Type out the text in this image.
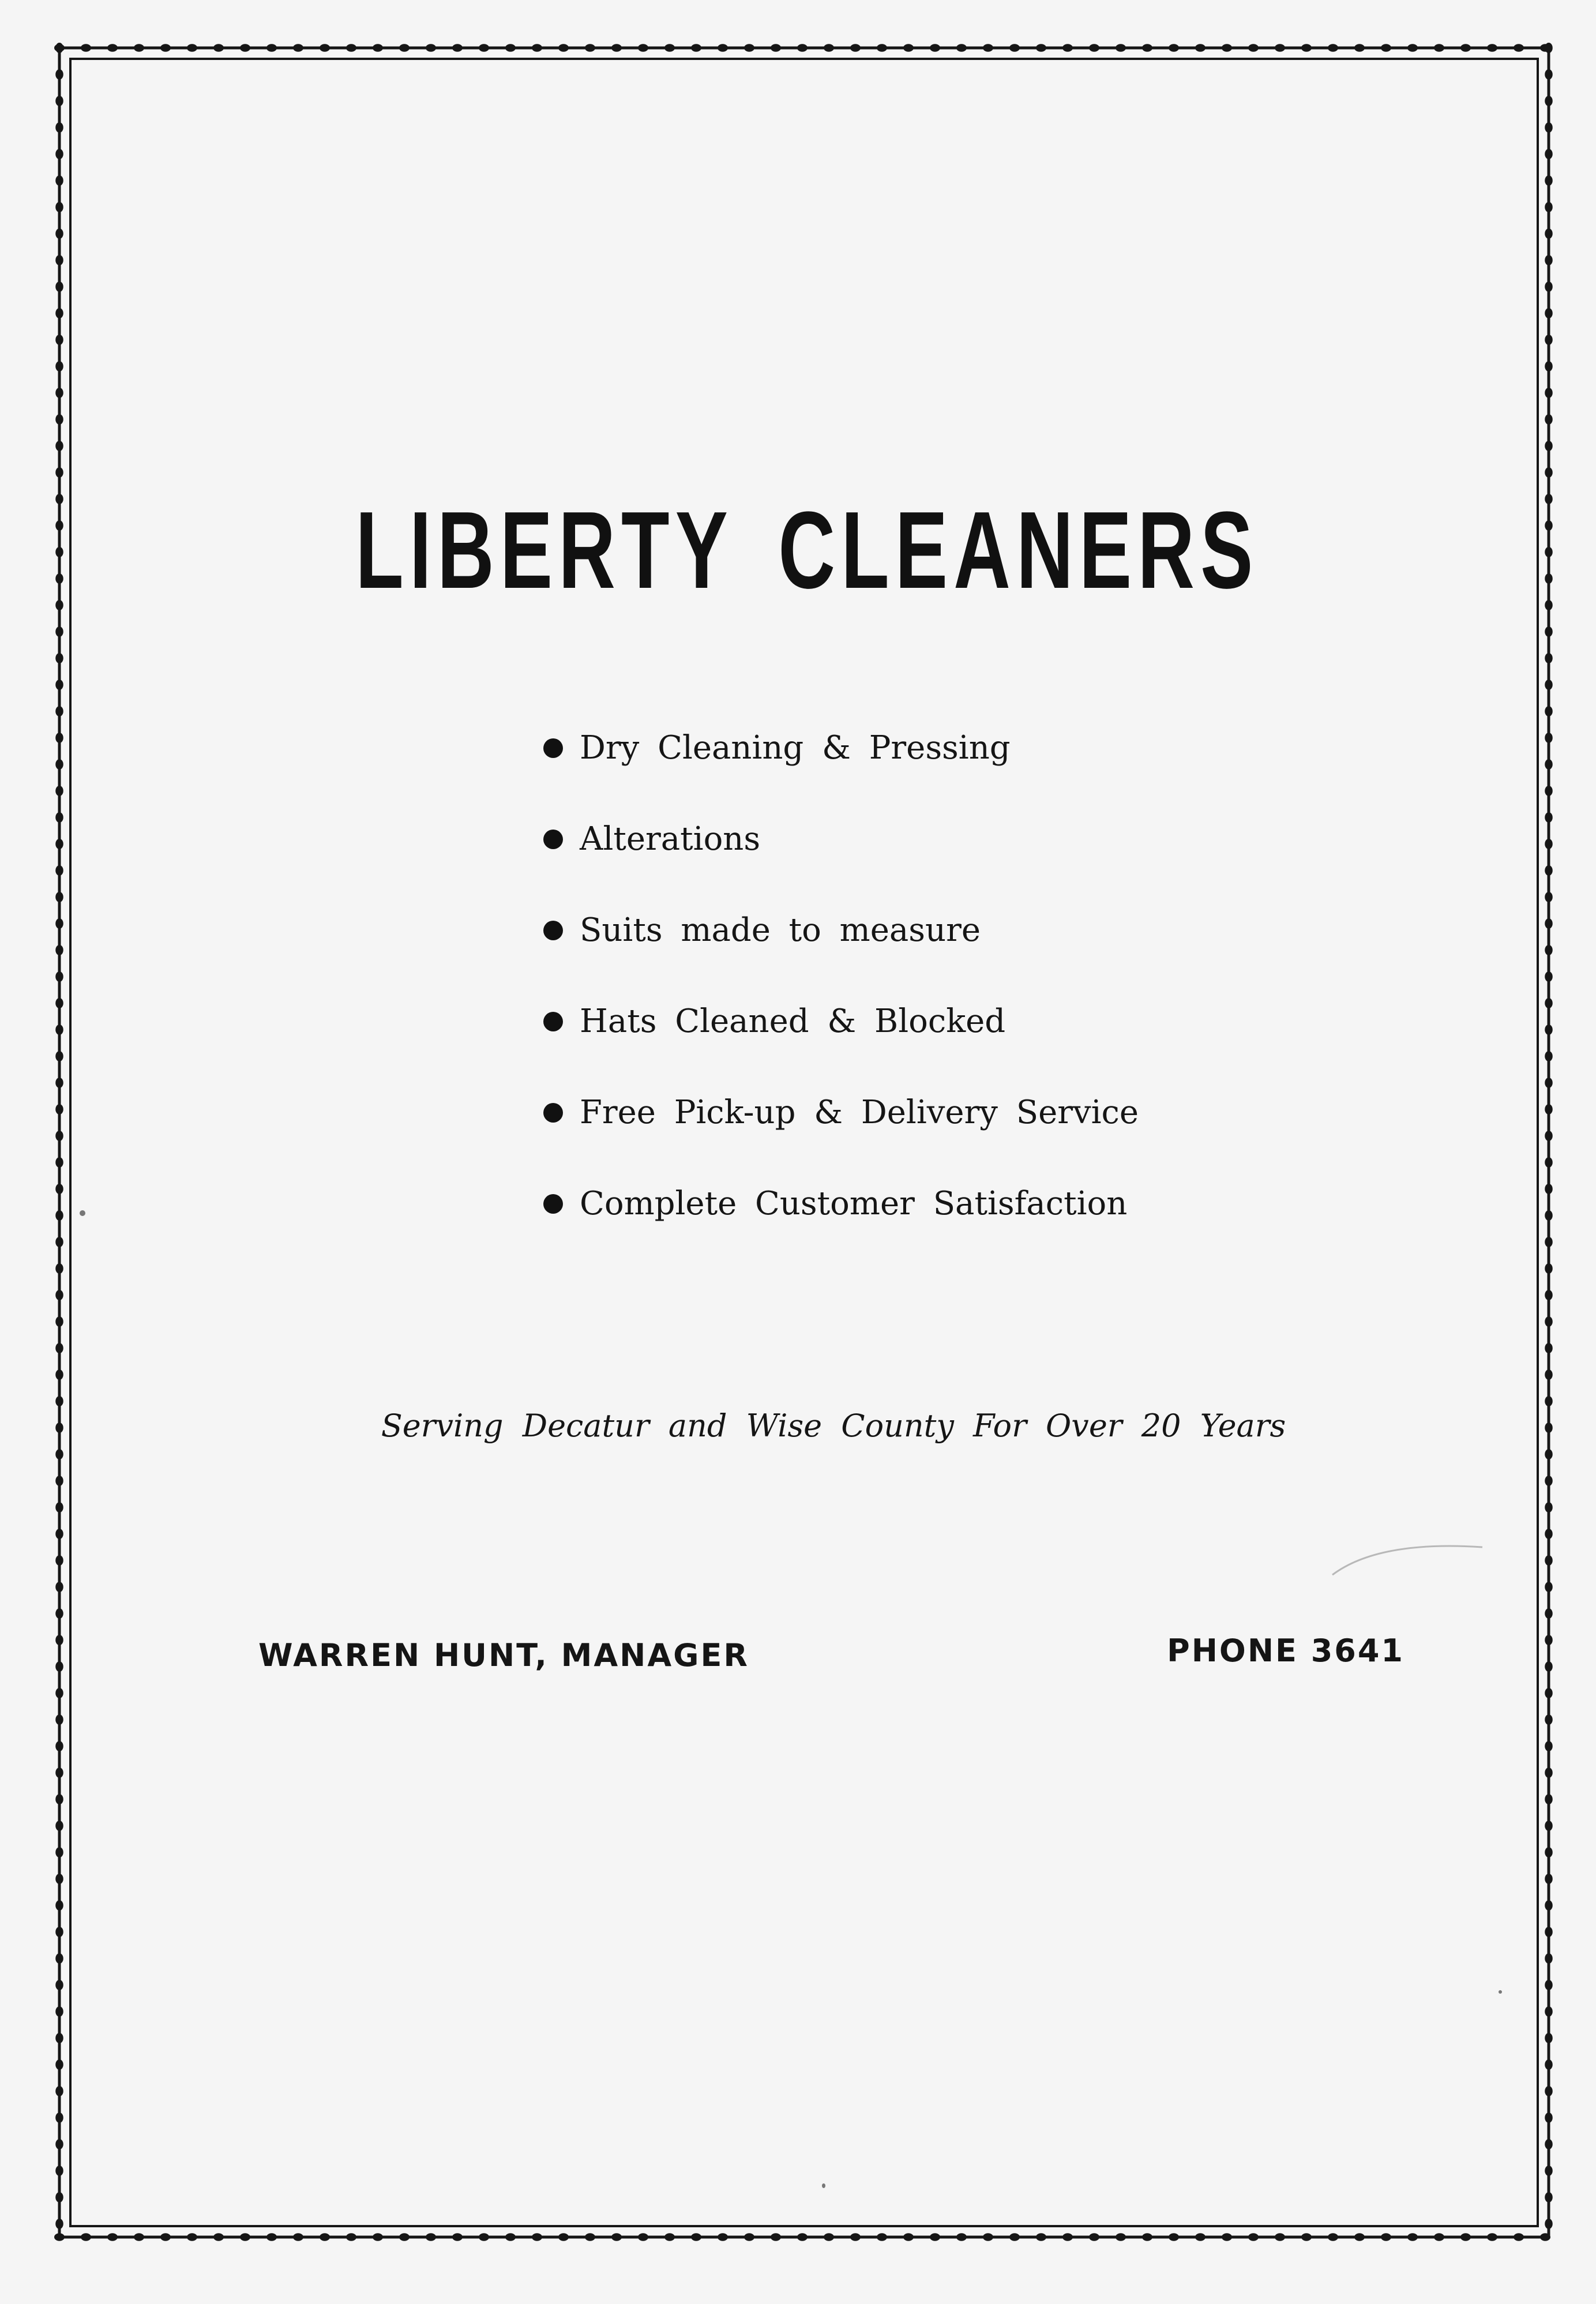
LIBERTY CLEANERS
Dry Cleaning & Pressing
Alterations
Suits made to measure
Hats Cleaned & Blocked
Free Pick-up & Delivery Service
Complete Customer Satisfaction
Serving Decatur and Wise County For Over 20 Years
WARREN HUNT, MANAGER	PHONE 3641
